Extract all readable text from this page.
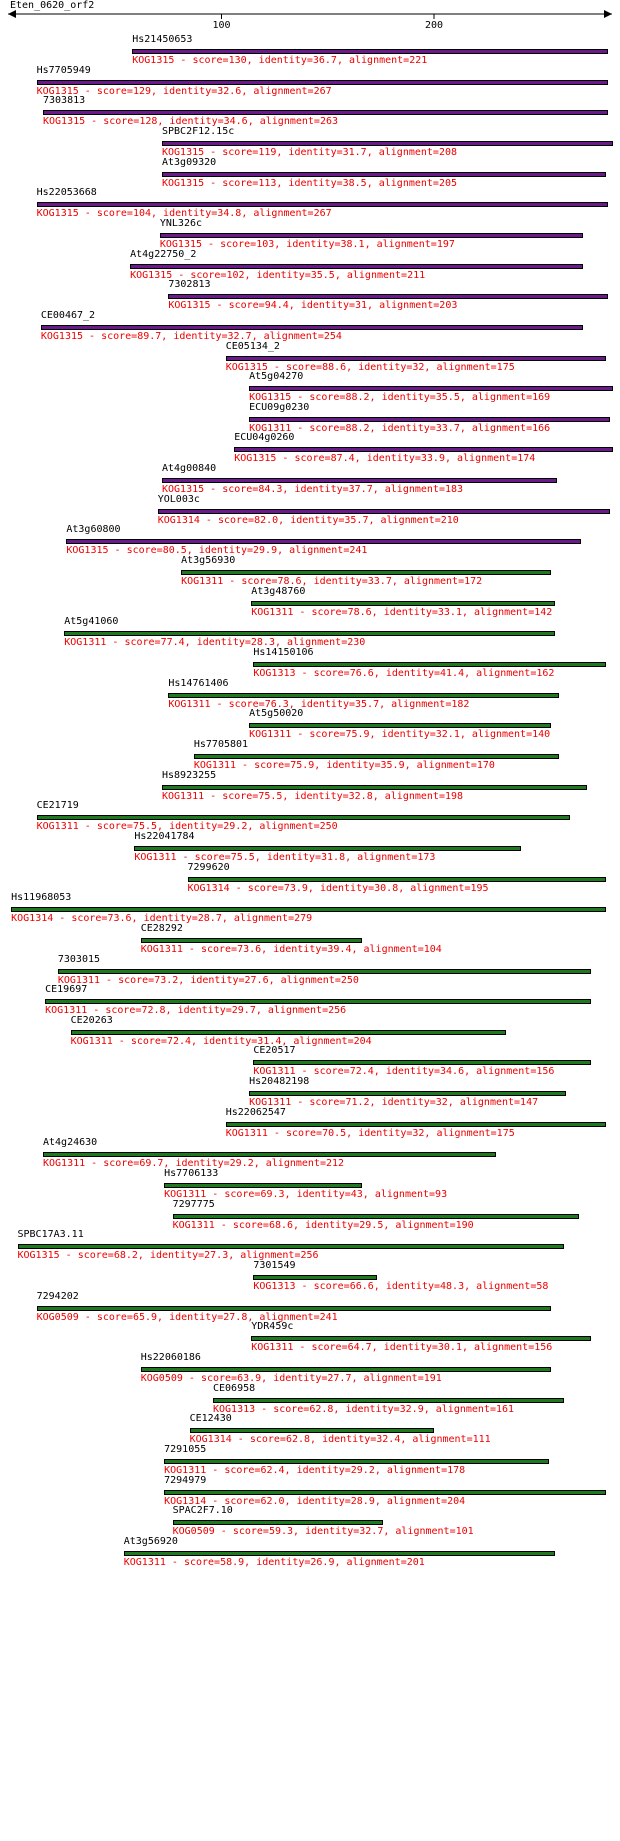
Eten_0620_orf2
100	200
Hs21450653
KOG1315 - score=130, identity=36.7, alignment=221
Hs7705949
KOG1315 - score=129, identity=32.6, alignment=267
7303813
KOG1315 - score=128, identity=34.6, alignment=263
SPBC2F12.15c
KOG1315 - score=119, identity=31.7, alignment=208
At3g09320
KOG1315 - score=113, identity=38.5, alignment=205
Hs22053668
KOG1315 - score=104, identity=34.8, alignment=267
YNL326c
KOG1315 - score=103, identity=38.1, alignment=197
At4g22750_2
KOG1315 - score=102, identity=35.5, alignment=211
7302813
KOG1315 - score=94.4, identity=31, alignment=203
CE00467_2
KOG1315 - score=89.7, identity=32.7, alignment=254
CE05134_2
KOG1315 - score=88.6, identity=32, alignment=175
At5g04270
KOG1315 - score=88.2, identity=35.5, alignment=169
ECU09g0230
KOG1311 - score=88.2, identity=33.7, alignment=166
ECU04g0260
KOG1315 - score=87.4, identity=33.9, alignment=174
At4g00840
KOG1315 - score=84.3, identity=37.7, alignment=183
YOL003c
KOG1314 - score=82.0, identity=35.7, alignment=210
At3g60800
KOG1315 - score=80.5, identity=29.9, alignment=241
At3g56930
KOG1311 - score=78.6, identity=33.7, alignment=172
At3g48760
KOG1311 - score=78.6, identity=33.1, alignment=142
At5g41060
KOG1311 - score=77.4, identity=28.3, alignment=230
Hs14150106
KOG1313 - score=76.6, identity=41.4, alignment=162
Hs14761406
KOG1311 - score=76.3, identity=35.7, alignment=182
At5g50020
KOG1311 - score=75.9, identity=32.1, alignment=140
Hs7705801
KOG1311 - score=75.9, identity=35.9, alignment=170
Hs8923255
KOG1311 - score=75.5, identity=32.8, alignment=198
CE21719
KOG1311 - score=75.5, identity=29.2, alignment=250
Hs22041784
KOG1311 - score=75.5, identity=31.8, alignment=173
7299620
KOG1314 - score=73.9, identity=30.8, alignment=195
Hs11968053
KOG1314 - score=73.6, identity=28.7, alignment=279
CE28292
KOG1311 - score=73.6, identity=39.4, alignment=104
7303015
KOG1311 - score=73.2, identity=27.6, alignment=250
CE19697
KOG1311 - score=72.8, identity=29.7, alignment=256
CE20263
KOG1311 - score=72.4, identity=31.4, alignment=204
CE20517
KOG1311 - score=72.4, identity=34.6, alignment=156
Hs20482198
KOG1311 - score=71.2, identity=32, alignment=147
Hs22062547
KOG1311 - score=70.5, identity=32, alignment=175
At4g24630
KOG1311 - score=69.7, identity=29.2, alignment=212
Hs7706133
KOG1311 - score=69.3, identity=43, alignment=93
7297775
KOG1311 - score=68.6, identity=29.5, alignment=190
SPBC17A3.11
KOG1315 - score=68.2, identity=27.3, alignment=256
7301549
KOG1313 - score=66.6, identity=48.3, alignment=58
7294202
KOG0509 - score=65.9, identity=27.8, alignment=241
YDR459c
KOG1311 - score=64.7, identity=30.1, alignment=156
Hs22060186
KOG0509 - score=63.9, identity=27.7, alignment=191
CE06958
KOG1313 - score=62.8, identity=32.9, alignment=161
CE12430
KOG1314 - score=62.8, identity=32.4, alignment=111
7291055
KOG1311 - score=62.4, identity=29.2, alignment=178
7294979
KOG1314 - score=62.0, identity=28.9, alignment=204
SPAC2F7.10
KOG0509 - score=59.3, identity=32.7, alignment=101
At3g56920
KOG1311 - score=58.9, identity=26.9, alignment=201
